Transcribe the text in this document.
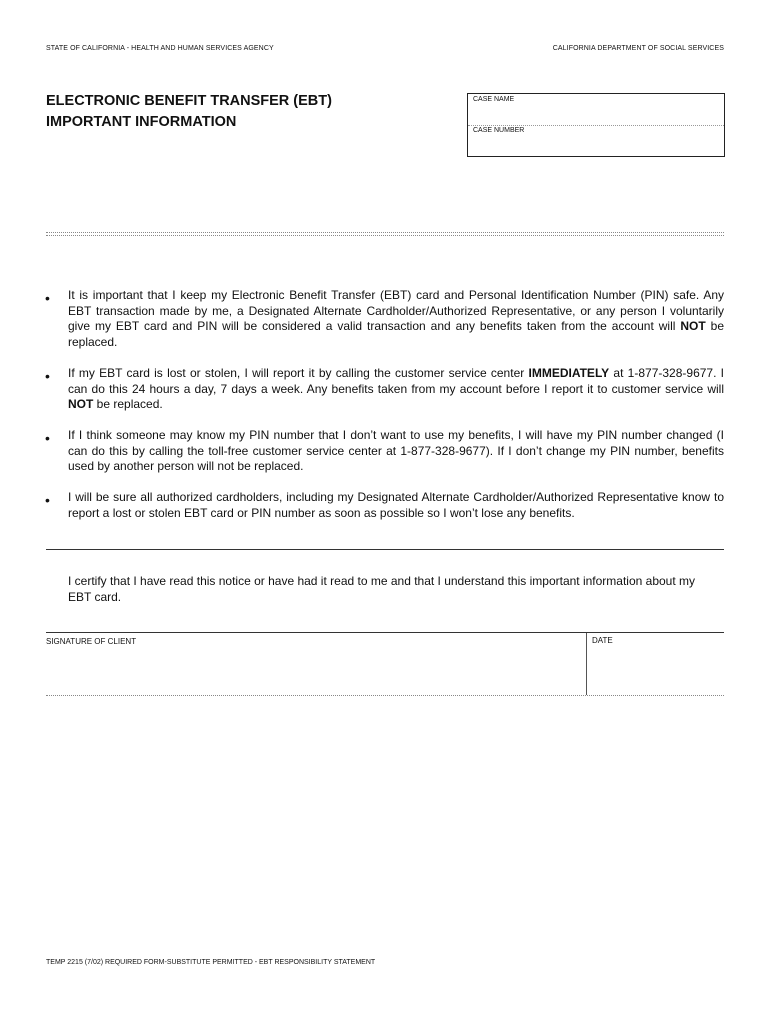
STATE OF CALIFORNIA - HEALTH AND HUMAN SERVICES AGENCY	CALIFORNIA DEPARTMENT OF SOCIAL SERVICES
ELECTRONIC BENEFIT TRANSFER (EBT)
IMPORTANT INFORMATION
CASE NAME
CASE NUMBER
• It is important that I keep my Electronic Benefit Transfer (EBT) card and Personal Identification Number (PIN) safe. Any EBT transaction made by me, a Designated Alternate Cardholder/Authorized Representative, or any person I voluntarily give my EBT card and PIN will be considered a valid transaction and any benefits taken from the account will NOT be replaced.
• If my EBT card is lost or stolen, I will report it by calling the customer service center IMMEDIATELY at 1-877-328-9677. I can do this 24 hours a day, 7 days a week. Any benefits taken from my account before I report it to customer service will NOT be replaced.
• If I think someone may know my PIN number that I don’t want to use my benefits, I will have my PIN number changed (I can do this by calling the toll-free customer service center at 1-877-328-9677). If I don’t change my PIN number, benefits used by another person will not be replaced.
• I will be sure all authorized cardholders, including my Designated Alternate Cardholder/Authorized Representative know to report a lost or stolen EBT card or PIN number as soon as possible so I won’t lose any benefits.
I certify that I have read this notice or have had it read to me and that I understand this important information about my EBT card.
SIGNATURE OF CLIENT	DATE
TEMP 2215 (7/02) REQUIRED FORM-SUBSTITUTE PERMITTED - EBT RESPONSIBILITY STATEMENT
